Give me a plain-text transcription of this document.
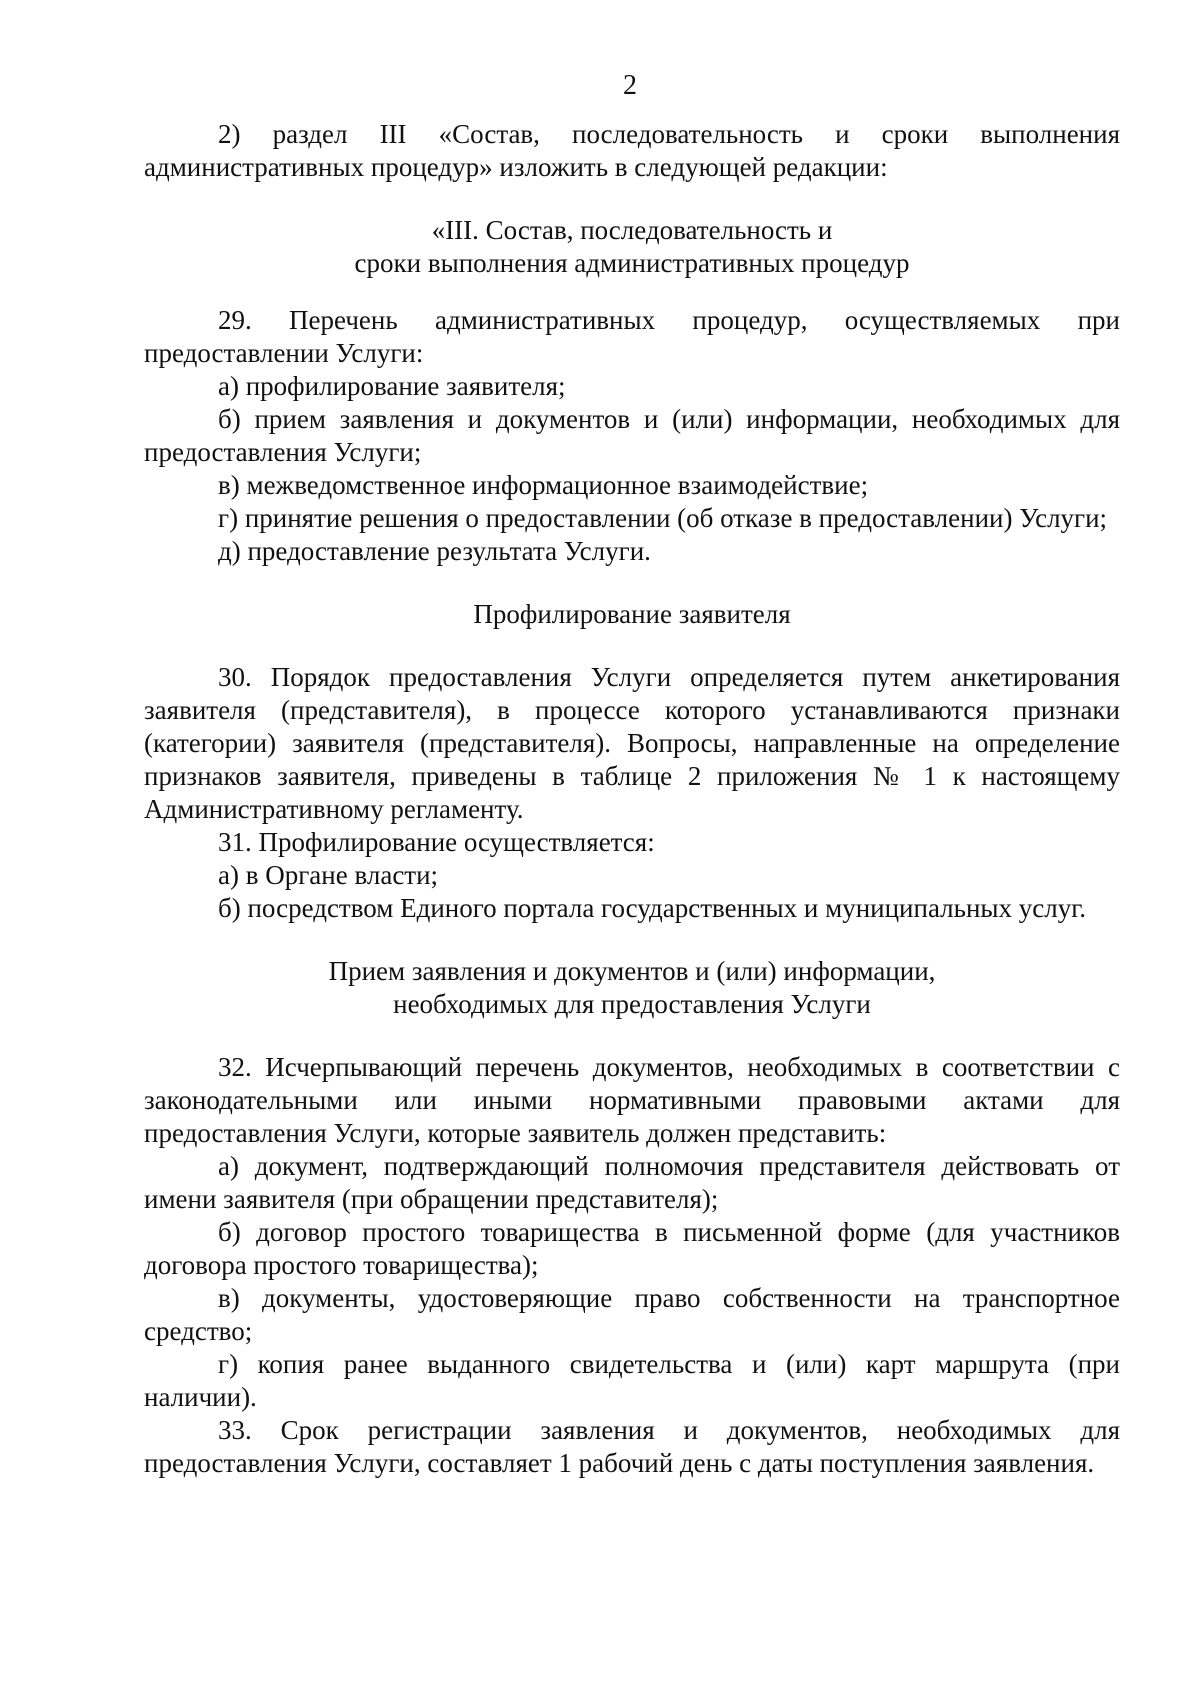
2

2) раздел III «Состав, последовательность и сроки выполнения административных процедур» изложить в следующей редакции:

«III. Состав, последовательность и

сроки выполнения административных процедур

29. Перечень административных процедур, осуществляемых при предоставлении Услуги:

а) профилирование заявителя;

б) прием заявления и документов и (или) информации, необходимых для предоставления Услуги;

в) межведомственное информационное взаимодействие;

г) принятие решения о предоставлении (об отказе в предоставлении) Услуги;

д) предоставление результата Услуги.

Профилирование заявителя

30. Порядок предоставления Услуги определяется путем анкетирования заявителя (представителя), в процессе которого устанавливаются признаки (категории) заявителя (представителя). Вопросы, направленные на определение признаков заявителя, приведены в таблице 2 приложения № 1 к настоящему Административному регламенту.

31. Профилирование осуществляется:

а) в Органе власти;

б) посредством Единого портала государственных и муниципальных услуг.

Прием заявления и документов и (или) информации,

необходимых для предоставления Услуги

32. Исчерпывающий перечень документов, необходимых в соответствии с законодательными или иными нормативными правовыми актами для предоставления Услуги, которые заявитель должен представить:

а) документ, подтверждающий полномочия представителя действовать от имени заявителя (при обращении представителя);

б) договор простого товарищества в письменной форме (для участников договора простого товарищества);

в) документы, удостоверяющие право собственности на транспортное средство;

г) копия ранее выданного свидетельства и (или) карт маршрута (при наличии).

33. Срок регистрации заявления и документов, необходимых для предоставления Услуги, составляет 1 рабочий день с даты поступления заявления.
